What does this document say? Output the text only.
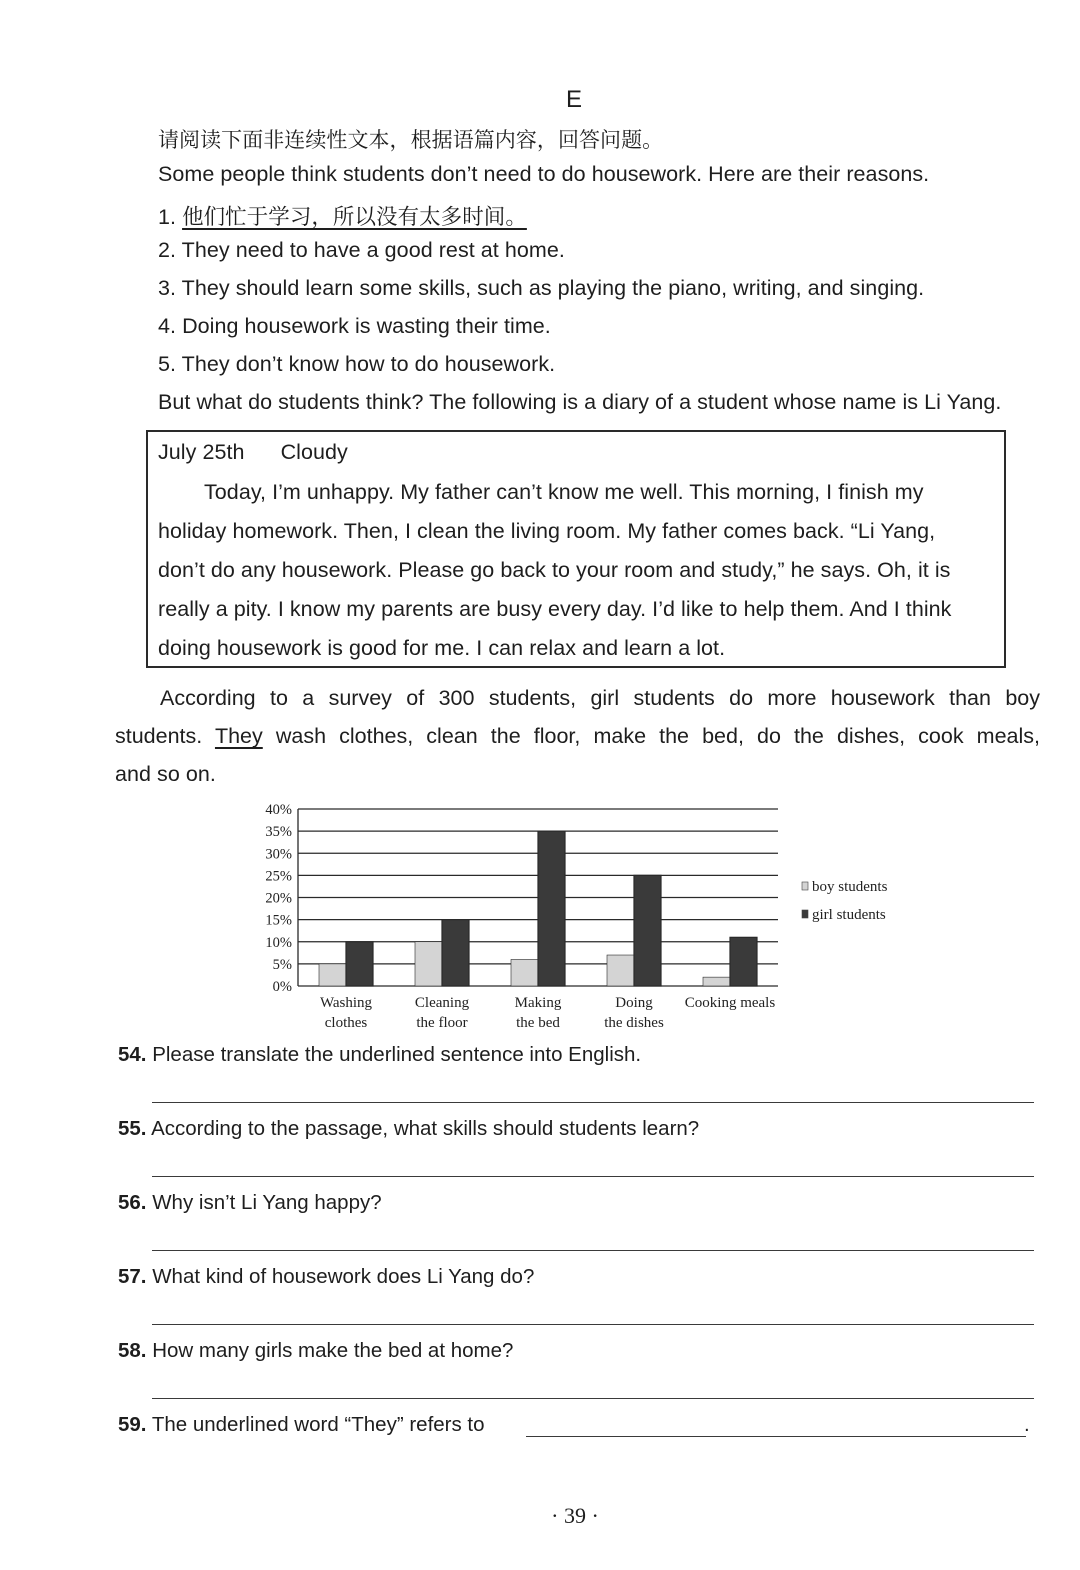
E
请阅读下面非连续性文本，根据语篇内容，回答问题。
Some people think students don’t need to do housework. Here are their reasons.
1. 他们忙于学习，所以没有太多时间。
2. They need to have a good rest at home.
3. They should learn some skills, such as playing the piano, writing, and singing.
4. Doing housework is wasting their time.
5. They don’t know how to do housework.
But what do students think? The following is a diary of a student whose name is Li Yang.
July 25th Cloudy
Today, I’m unhappy. My father can’t know me well. This morning, I finish my
holiday homework. Then, I clean the living room. My father comes back. “Li Yang,
don’t do any housework. Please go back to your room and study,” he says. Oh, it is
really a pity. I know my parents are busy every day. I’d like to help them. And I think
doing housework is good for me. I can relax and learn a lot.
According to a survey of 300 students, girl students do more housework than boy
students. They wash clothes, clean the floor, make the bed, do the dishes, cook meals,
and so on.
0%
5%
10%
15%
20%
25%
30%
35%
40%
Washing
clothes
Cleaning
the floor
Making
the bed
Doing
the dishes
Cooking meals
boy students
girl students
54. Please translate the underlined sentence into English.
55. According to the passage, what skills should students learn?
56. Why isn’t Li Yang happy?
57. What kind of housework does Li Yang do?
58. How many girls make the bed at home?
59. The underlined word “They” refers to	.
· 39 ·
